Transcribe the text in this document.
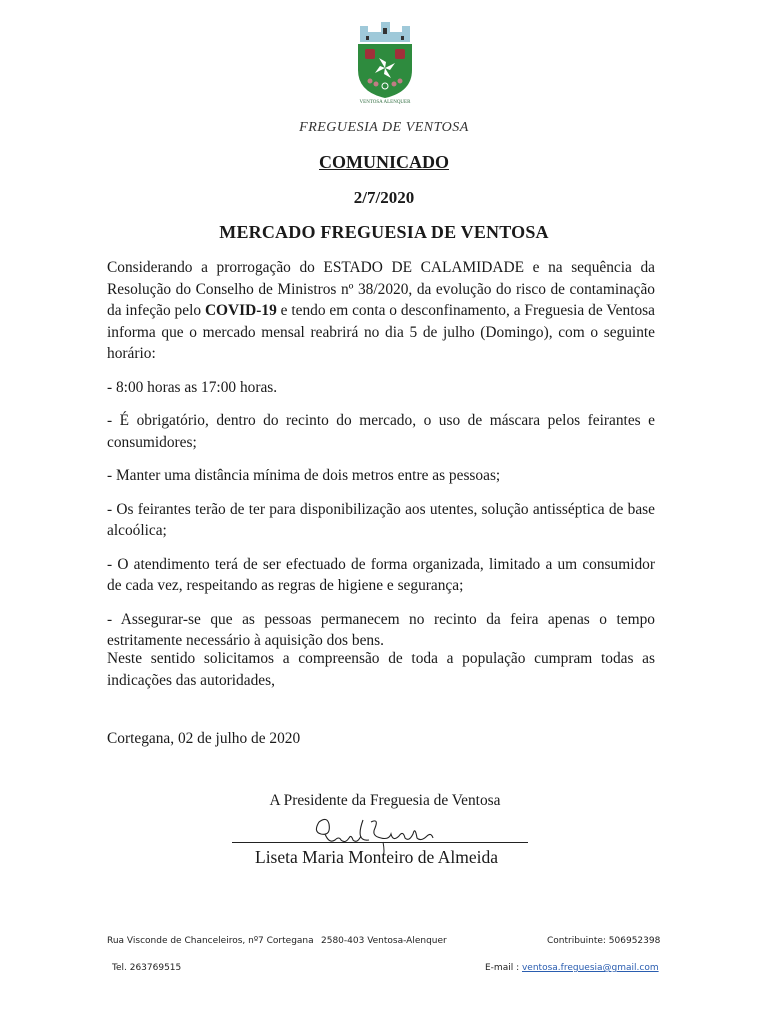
VENTOSA ALENQUER
FREGUESIA DE VENTOSA
COMUNICADO
2/7/2020
MERCADO FREGUESIA DE VENTOSA

Considerando a prorrogação do ESTADO DE CALAMIDADE e na sequência da Resolução do Conselho de Ministros nº 38/2020, da evolução do risco de contaminação da infeção pelo COVID-19 e tendo em conta o desconfinamento, a Freguesia de Ventosa informa que o mercado mensal reabrirá no dia 5 de julho (Domingo), com o seguinte horário:

- 8:00 horas as 17:00 horas.

- É obrigatório, dentro do recinto do mercado, o uso de máscara pelos feirantes e consumidores;

- Manter uma distância mínima de dois metros entre as pessoas;

- Os feirantes terão de ter para disponibilização aos utentes, solução antisséptica de base alcoólica;

- O atendimento terá de ser efectuado de forma organizada, limitado a um consumidor de cada vez, respeitando as regras de higiene e segurança;

- Assegurar-se que as pessoas permanecem no recinto da feira apenas o tempo estritamente necessário à aquisição dos bens.

Neste sentido solicitamos a compreensão de toda a população cumpram todas as indicações das autoridades,
Cortegana, 02 de julho de 2020
A Presidente da Freguesia de Ventosa
Liseta Maria Monteiro de Almeida
Rua Visconde de Chanceleiros, nº7 Cortegana 2580-403 Ventosa-Alenquer	Contribuinte: 506952398
Tel. 263769515	E-mail : ventosa.freguesia@gmail.com
